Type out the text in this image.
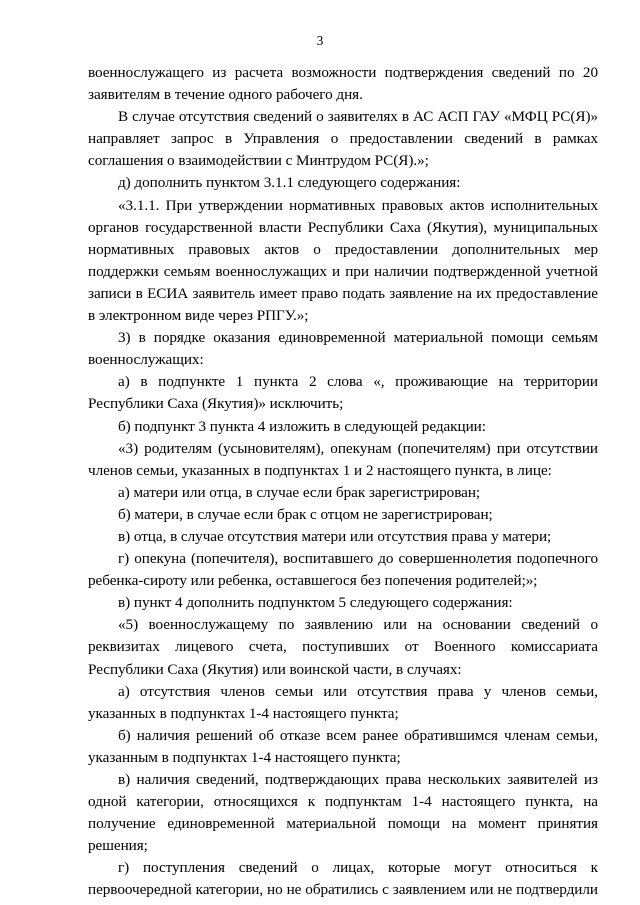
3

военнослужащего из расчета возможности подтверждения сведений по 20 заявителям в течение одного рабочего дня.

В случае отсутствия сведений о заявителях в АС АСП ГАУ «МФЦ РС(Я)» направляет запрос в Управления о предоставлении сведений в рамках соглашения о взаимодействии с Минтрудом РС(Я).»;

д) дополнить пунктом 3.1.1 следующего содержания:

«3.1.1. При утверждении нормативных правовых актов исполнительных органов государственной власти Республики Саха (Якутия), муниципальных нормативных правовых актов о предоставлении дополнительных мер поддержки семьям военнослужащих и при наличии подтвержденной учетной записи в ЕСИА заявитель имеет право подать заявление на их предоставление в электронном виде через РПГУ.»;

3) в порядке оказания единовременной материальной помощи семьям военнослужащих:

а) в подпункте 1 пункта 2 слова «, проживающие на территории Республики Саха (Якутия)» исключить;

б) подпункт 3 пункта 4 изложить в следующей редакции:

«3) родителям (усыновителям), опекунам (попечителям) при отсутствии членов семьи, указанных в подпунктах 1 и 2 настоящего пункта, в лице:

а) матери или отца, в случае если брак зарегистрирован;

б) матери, в случае если брак с отцом не зарегистрирован;

в) отца, в случае отсутствия матери или отсутствия права у матери;

г) опекуна (попечителя), воспитавшего до совершеннолетия подопечного ребенка-сироту или ребенка, оставшегося без попечения родителей;»;

в) пункт 4 дополнить подпунктом 5 следующего содержания:

«5) военнослужащему по заявлению или на основании сведений о реквизитах лицевого счета, поступивших от Военного комиссариата Республики Саха (Якутия) или воинской части, в случаях:

а) отсутствия членов семьи или отсутствия права у членов семьи, указанных в подпунктах 1-4 настоящего пункта;

б) наличия решений об отказе всем ранее обратившимся членам семьи, указанным в подпунктах 1-4 настоящего пункта;

в) наличия сведений, подтверждающих права нескольких заявителей из одной категории, относящихся к подпунктам 1-4 настоящего пункта, на получение единовременной материальной помощи на момент принятия решения;

г) поступления сведений о лицах, которые могут относиться к первоочередной категории, но не обратились с заявлением или не подтвердили
